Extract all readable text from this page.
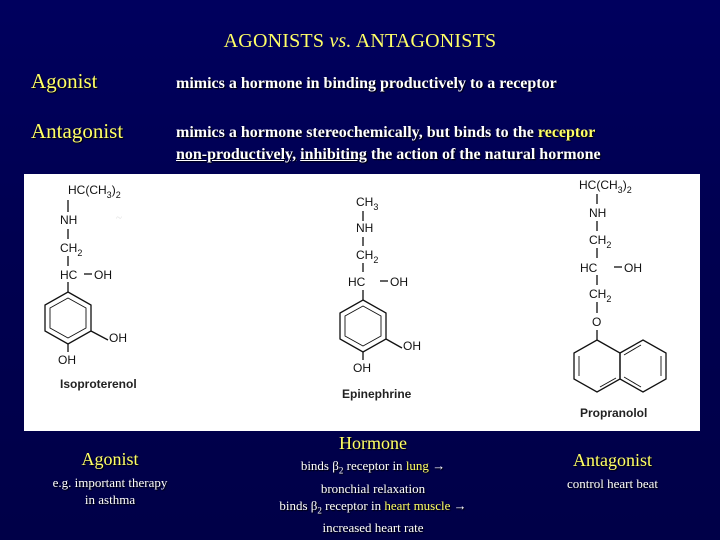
AGONISTS vs. ANTAGONISTS
Agonist	mimics a hormone in binding productively to a receptor
Antagonist	mimics a hormone stereochemically, but binds to the receptor
non-productively, inhibiting the action of the natural hormone
~
$HC(CH_3)_2$
NH
$CH_2$
HC OH
OH
OH
Isoproterenol
$CH_3$
NH
$CH_2$
HC OH
OH
OH
Epinephrine
$HC(CH_3)_2$
NH
$CH_2$
HC OH
$CH_2$
O
Propranolol
Agonist
e.g. important therapy
in asthma
Hormone
binds $\beta_2$ receptor in lung →
bronchial relaxation
binds $\beta_2$ receptor in heart muscle →
increased heart rate
Antagonist
control heart beat
